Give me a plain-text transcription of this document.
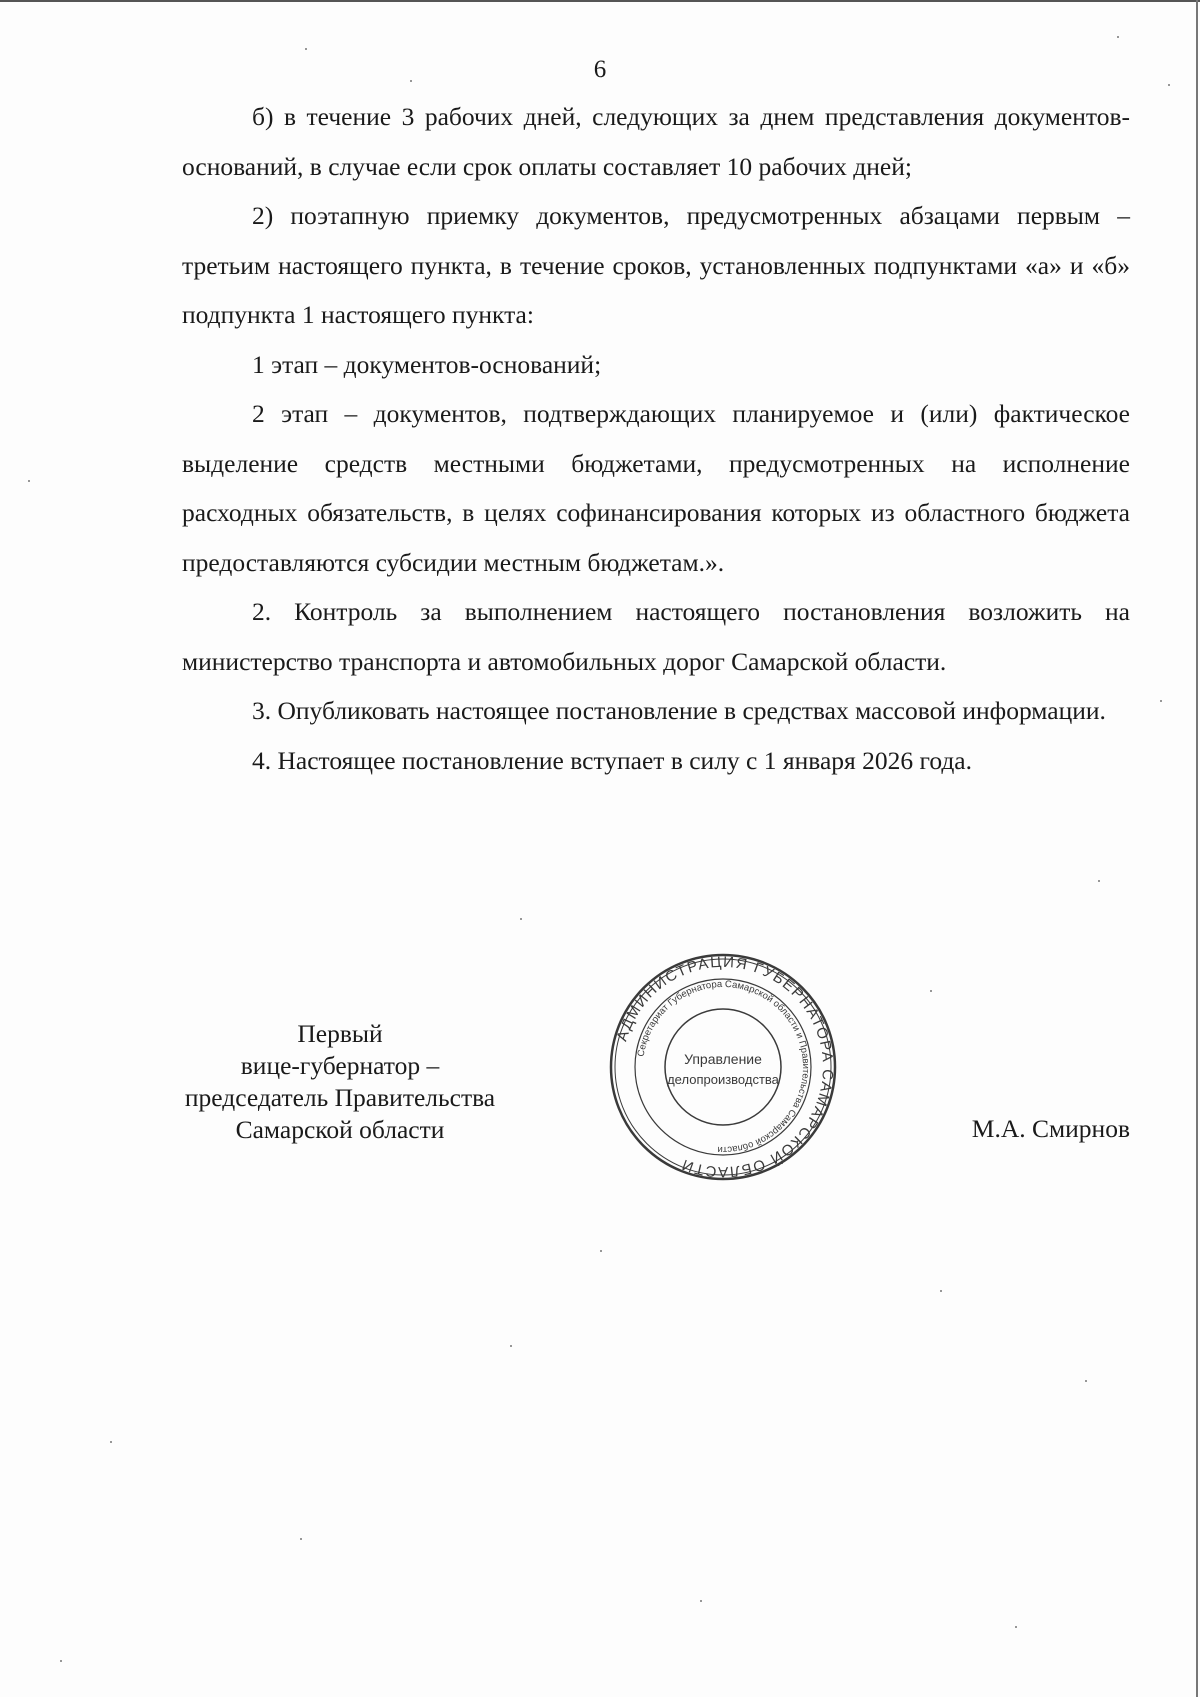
6

б) в течение 3 рабочих дней, следующих за днем представления документов-оснований, в случае если срок оплаты составляет 10 рабочих дней;

2) поэтапную приемку документов, предусмотренных абзацами первым – третьим настоящего пункта, в течение сроков, установленных подпунктами «а» и «б» подпункта 1 настоящего пункта:

1 этап – документов-оснований;

2 этап – документов, подтверждающих планируемое и (или) фактическое выделение средств местными бюджетами, предусмотренных на исполнение расходных обязательств, в целях софинансирования которых из областного бюджета предоставляются субсидии местным бюджетам.».

2. Контроль за выполнением настоящего постановления возложить на министерство транспорта и автомобильных дорог Самарской области.

3. Опубликовать настоящее постановление в средствах массовой информации.

4. Настоящее постановление вступает в силу с 1 января 2026 года.

Первый
вице-губернатор –
председатель Правительства
Самарской области
АДМИНИСТРАЦИЯ ГУБЕРНАТОРА САМАРСКОЙ ОБЛАСТИ
Секретариат Губернатора Самарской области и Правительства Самарской области
Управление
делопроизводства
М.А. Смирнов
